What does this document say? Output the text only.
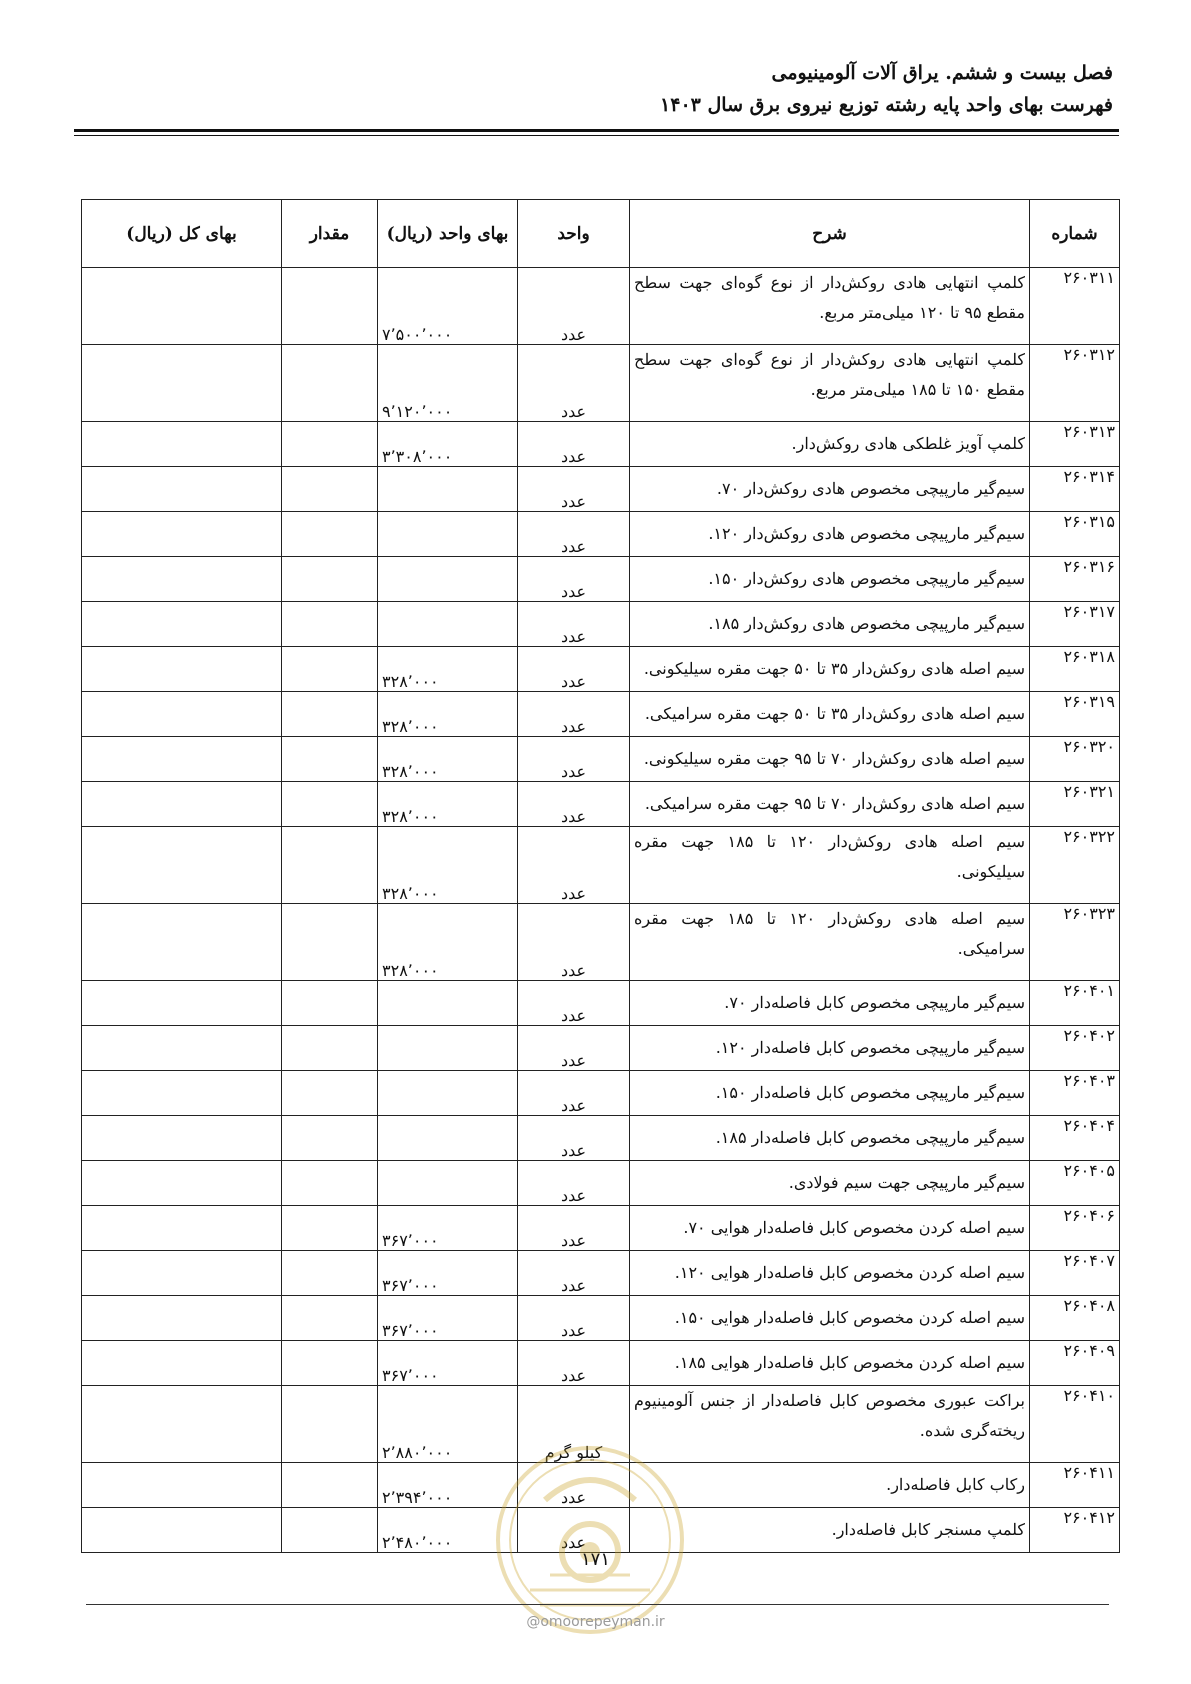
فصل بیست و ششم. یراق آلات آلومینیومی
فهرست بهای واحد پایه رشته توزیع نیروی برق سال ۱۴۰۳
شماره	شرح	واحد	بهای واحد (ریال)	مقدار	بهای کل (ریال)
۲۶۰۳۱۱	کلمپ انتهایی هادی روکش‌دار از نوع گوه‌ای جهت سطح مقطع ۹۵ تا ۱۲۰ میلی‌متر مربع.	عدد	۷٬۵۰۰٬۰۰۰		
۲۶۰۳۱۲	کلمپ انتهایی هادی روکش‌دار از نوع گوه‌ای جهت سطح مقطع ۱۵۰ تا ۱۸۵ میلی‌متر مربع.	عدد	۹٬۱۲۰٬۰۰۰		
۲۶۰۳۱۳	کلمپ آویز غلطکی هادی روکش‌دار.	عدد	۳٬۳۰۸٬۰۰۰		
۲۶۰۳۱۴	سیم‌گیر مارپیچی مخصوص هادی روکش‌دار ۷۰.	عدد			
۲۶۰۳۱۵	سیم‌گیر مارپیچی مخصوص هادی روکش‌دار ۱۲۰.	عدد			
۲۶۰۳۱۶	سیم‌گیر مارپیچی مخصوص هادی روکش‌دار ۱۵۰.	عدد			
۲۶۰۳۱۷	سیم‌گیر مارپیچی مخصوص هادی روکش‌دار ۱۸۵.	عدد			
۲۶۰۳۱۸	سیم اصله هادی روکش‌دار ۳۵ تا ۵۰ جهت مقره سیلیکونی.	عدد	۳۲۸٬۰۰۰		
۲۶۰۳۱۹	سیم اصله هادی روکش‌دار ۳۵ تا ۵۰ جهت مقره سرامیکی.	عدد	۳۲۸٬۰۰۰		
۲۶۰۳۲۰	سیم اصله هادی روکش‌دار ۷۰ تا ۹۵ جهت مقره سیلیکونی.	عدد	۳۲۸٬۰۰۰		
۲۶۰۳۲۱	سیم اصله هادی روکش‌دار ۷۰ تا ۹۵ جهت مقره سرامیکی.	عدد	۳۲۸٬۰۰۰		
۲۶۰۳۲۲	سیم اصله هادی روکش‌دار ۱۲۰ تا ۱۸۵ جهت مقره سیلیکونی.	عدد	۳۲۸٬۰۰۰		
۲۶۰۳۲۳	سیم اصله هادی روکش‌دار ۱۲۰ تا ۱۸۵ جهت مقره سرامیکی.	عدد	۳۲۸٬۰۰۰		
۲۶۰۴۰۱	سیم‌گیر مارپیچی مخصوص کابل فاصله‌دار ۷۰.	عدد			
۲۶۰۴۰۲	سیم‌گیر مارپیچی مخصوص کابل فاصله‌دار ۱۲۰.	عدد			
۲۶۰۴۰۳	سیم‌گیر مارپیچی مخصوص کابل فاصله‌دار ۱۵۰.	عدد			
۲۶۰۴۰۴	سیم‌گیر مارپیچی مخصوص کابل فاصله‌دار ۱۸۵.	عدد			
۲۶۰۴۰۵	سیم‌گیر مارپیچی جهت سیم فولادی.	عدد			
۲۶۰۴۰۶	سیم اصله کردن مخصوص کابل فاصله‌دار هوایی ۷۰.	عدد	۳۶۷٬۰۰۰		
۲۶۰۴۰۷	سیم اصله کردن مخصوص کابل فاصله‌دار هوایی ۱۲۰.	عدد	۳۶۷٬۰۰۰		
۲۶۰۴۰۸	سیم اصله کردن مخصوص کابل فاصله‌دار هوایی ۱۵۰.	عدد	۳۶۷٬۰۰۰		
۲۶۰۴۰۹	سیم اصله کردن مخصوص کابل فاصله‌دار هوایی ۱۸۵.	عدد	۳۶۷٬۰۰۰		
۲۶۰۴۱۰	براکت عبوری مخصوص کابل فاصله‌دار از جنس آلومینیوم ریخته‌گری شده.	کیلو گرم	۲٬۸۸۰٬۰۰۰		
۲۶۰۴۱۱	رکاب کابل فاصله‌دار.	عدد	۲٬۳۹۴٬۰۰۰		
۲۶۰۴۱۲	کلمپ مسنجر کابل فاصله‌دار.	عدد	۲٬۴۸۰٬۰۰۰		
۱۷۱
@omoorepeyman.ir
